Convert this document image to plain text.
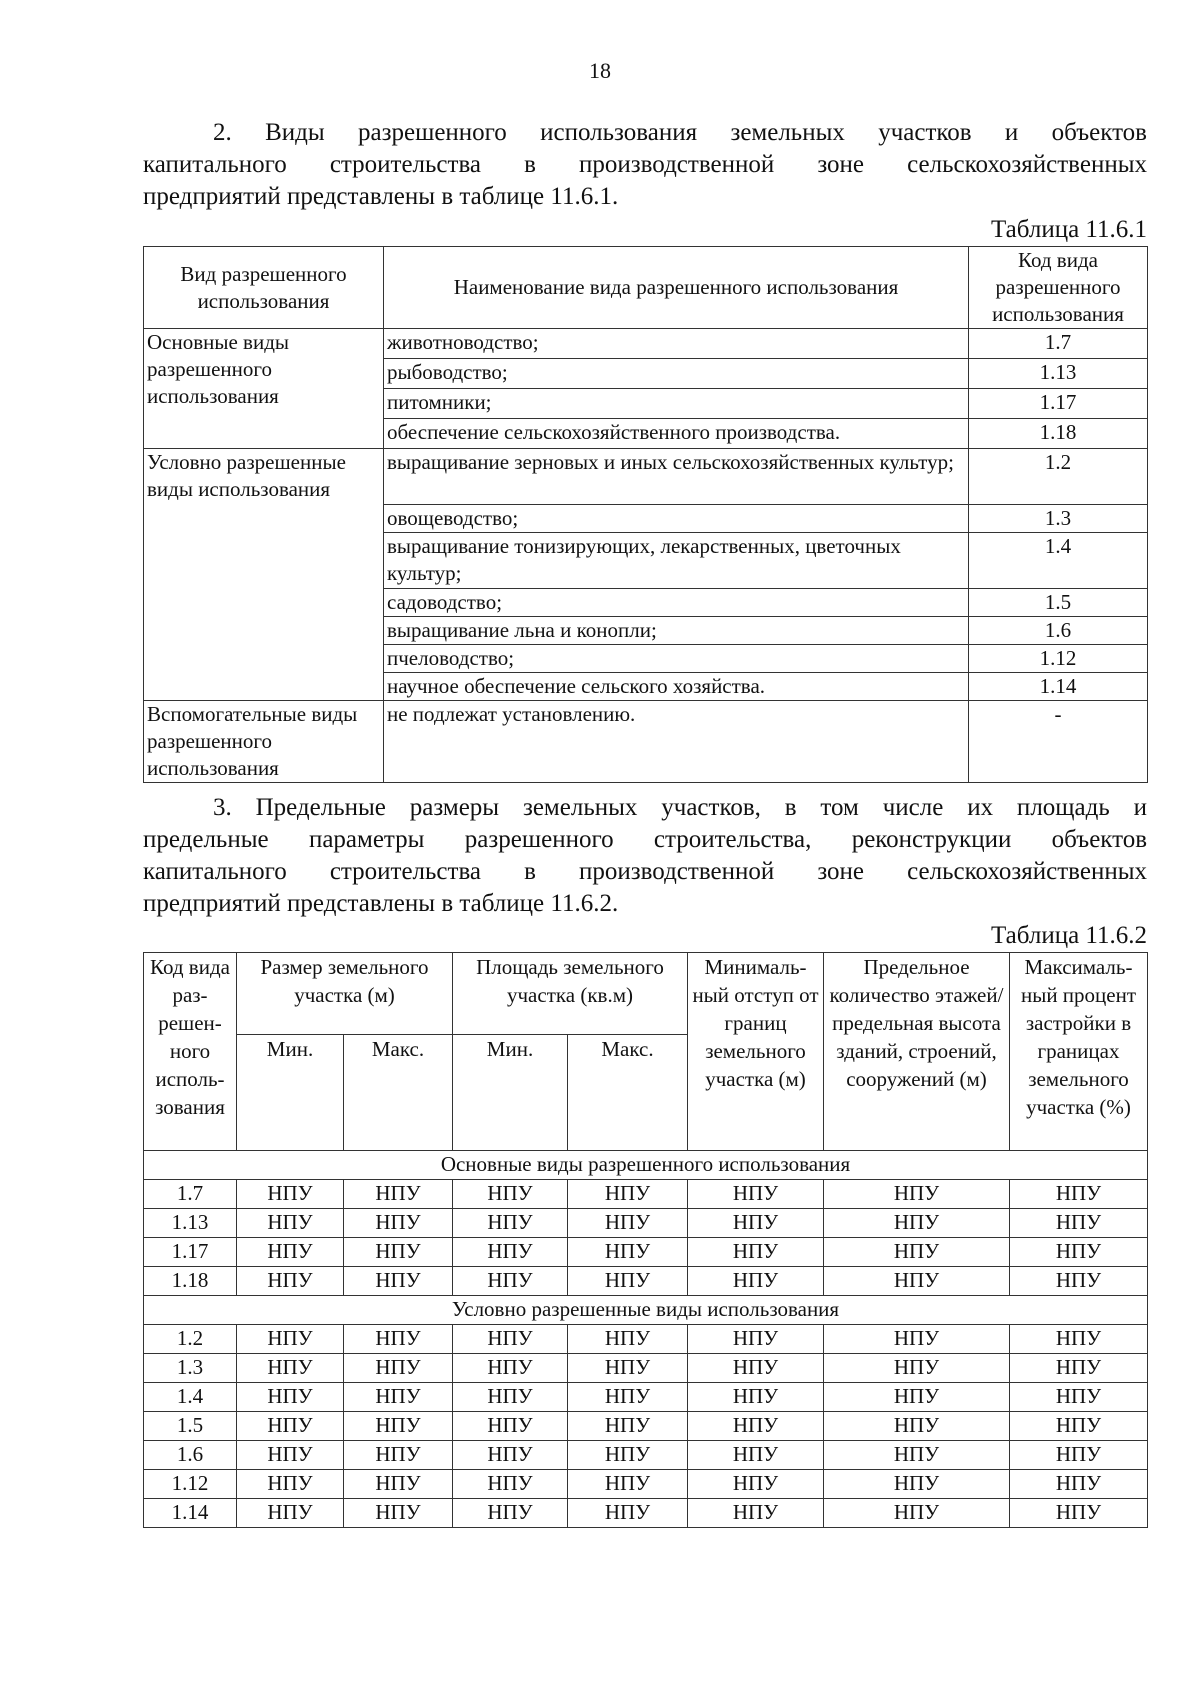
18

2. Виды разрешенного использования земельных участков и объектов
капитального строительства в производственной зоне сельскохозяйственных
предприятий представлены в таблице 11.6.1.

Таблица 11.6.1
Вид разрешенного использования	Наименование вида разрешенного использования	Код вида разрешенного использования
Основные виды разрешенного использования	животноводство;	1.7
	рыбоводство;	1.13
	питомники;	1.17
	обеспечение сельскохозяйственного производства.	1.18
Условно разрешенные виды использования	выращивание зерновых и иных сельскохозяйственных культур;	1.2
	овощеводство;	1.3
	выращивание тонизирующих, лекарственных, цветочных культур;	1.4
	садоводство;	1.5
	выращивание льна и конопли;	1.6
	пчеловодство;	1.12
	научное обеспечение сельского хозяйства.	1.14
Вспомогательные виды разрешенного использования	не подлежат установлению.	-

3. Предельные размеры земельных участков, в том числе их площадь и
предельные параметры разрешенного строительства, реконструкции объектов
капитального строительства в производственной зоне сельскохозяйственных
предприятий представлены в таблице 11.6.2.

Таблица 11.6.2
Код вида раз-решен-ного исполь-зования	Размер земельного участка (м)		Площадь земельного участка (кв.м)		Минималь-ный отступ от границ земельного участка (м)	Предельное количество этажей/ предельная высота зданий, строений, сооружений (м)	Максималь-ный процент застройки в границах земельного участка (%)
	Мин.	Макс.	Мин.	Макс.			
Основные виды разрешенного использования							
1.7	НПУ	НПУ	НПУ	НПУ	НПУ	НПУ	НПУ
1.13	НПУ	НПУ	НПУ	НПУ	НПУ	НПУ	НПУ
1.17	НПУ	НПУ	НПУ	НПУ	НПУ	НПУ	НПУ
1.18	НПУ	НПУ	НПУ	НПУ	НПУ	НПУ	НПУ
Условно разрешенные виды использования							
1.2	НПУ	НПУ	НПУ	НПУ	НПУ	НПУ	НПУ
1.3	НПУ	НПУ	НПУ	НПУ	НПУ	НПУ	НПУ
1.4	НПУ	НПУ	НПУ	НПУ	НПУ	НПУ	НПУ
1.5	НПУ	НПУ	НПУ	НПУ	НПУ	НПУ	НПУ
1.6	НПУ	НПУ	НПУ	НПУ	НПУ	НПУ	НПУ
1.12	НПУ	НПУ	НПУ	НПУ	НПУ	НПУ	НПУ
1.14	НПУ	НПУ	НПУ	НПУ	НПУ	НПУ	НПУ
